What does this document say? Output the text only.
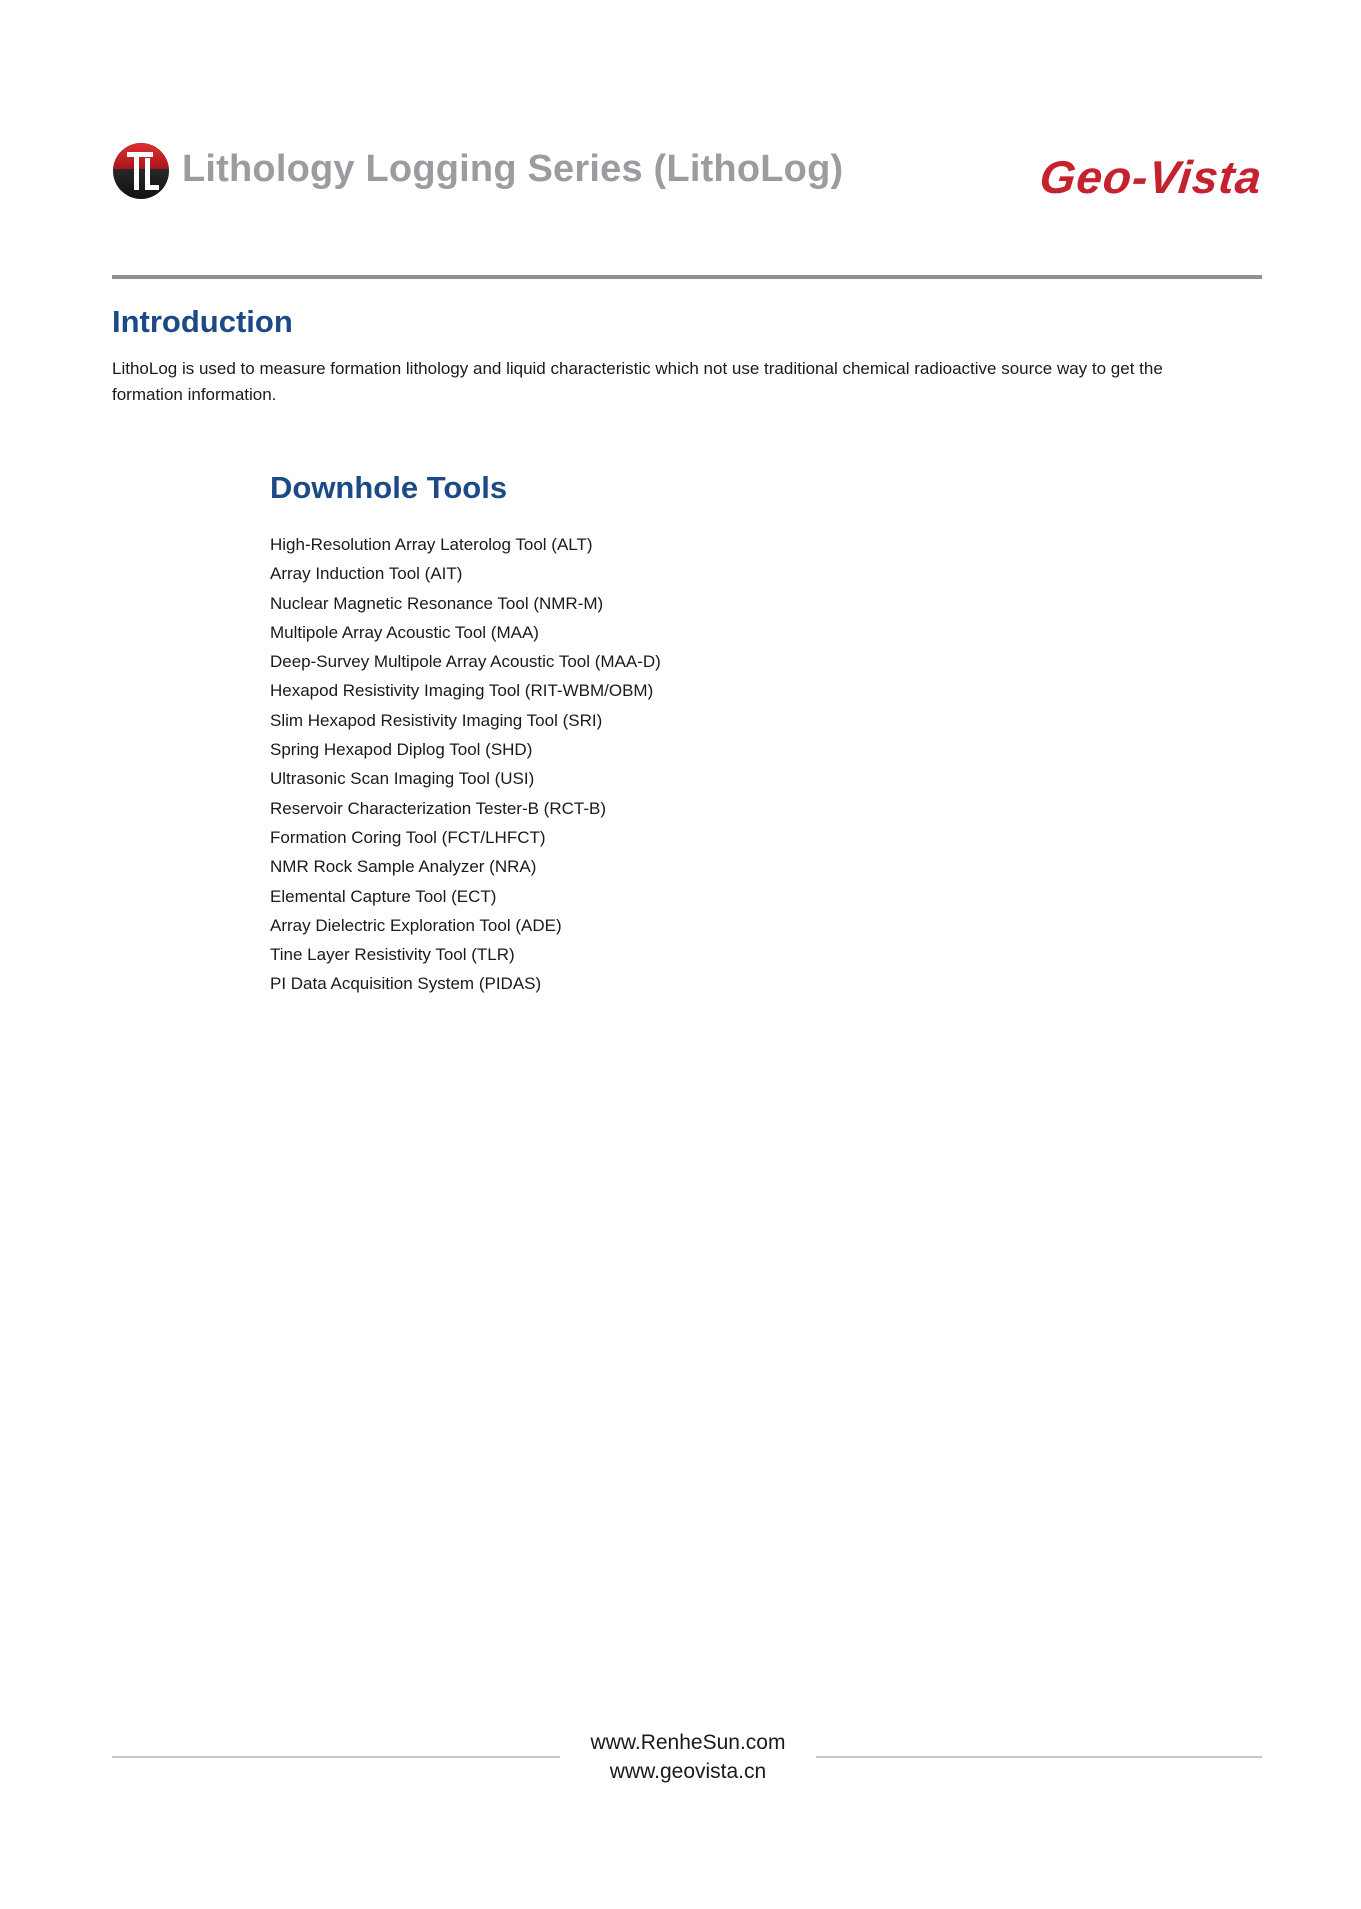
Lithology Logging Series (LithoLog)	Geo-Vista
Introduction

LithoLog is used to measure formation lithology and liquid characteristic which not use traditional chemical radioactive source way to get the formation information.

Downhole Tools
High-Resolution Array Laterolog Tool (ALT)
Array Induction Tool (AIT)
Nuclear Magnetic Resonance Tool (NMR-M)
Multipole Array Acoustic Tool (MAA)
Deep-Survey Multipole Array Acoustic Tool (MAA-D)
Hexapod Resistivity Imaging Tool (RIT-WBM/OBM)
Slim Hexapod Resistivity Imaging Tool (SRI)
Spring Hexapod Diplog Tool (SHD)
Ultrasonic Scan Imaging Tool (USI)
Reservoir Characterization Tester-B (RCT-B)
Formation Coring Tool (FCT/LHFCT)
NMR Rock Sample Analyzer (NRA)
Elemental Capture Tool (ECT)
Array Dielectric Exploration Tool (ADE)
Tine Layer Resistivity Tool (TLR)
PI Data Acquisition System (PIDAS)
www.RenheSun.com
www.geovista.cn
